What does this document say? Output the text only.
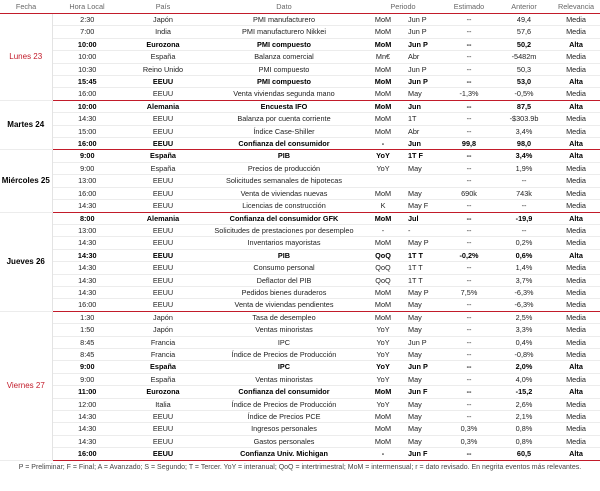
Fecha	Hora Local	País	Dato	Periodo		Estimado	Anterior	Relevancia
Lunes 23	2:30	Japón	PMI manufacturero	MoM	Jun P	--	49,4	Media
	7:00	India	PMI manufacturero Nikkei	MoM	Jun P	--	57,6	Media
	10:00	Eurozona	PMI compuesto	MoM	Jun P	--	50,2	Alta
	10:00	España	Balanza comercial	Mn€	Abr	--	-5482m	Media
	10:30	Reino Unido	PMI compuesto	MoM	Jun P	--	50,3	Media
	15:45	EEUU	PMI compuesto	MoM	Jun P	--	53,0	Alta
	16:00	EEUU	Venta viviendas segunda mano	MoM	May	-1,3%	-0,5%	Media
Martes 24	10:00	Alemania	Encuesta IFO	MoM	Jun	--	87,5	Alta
	14:30	EEUU	Balanza por cuenta corriente	MoM	1T	--	-$303.9b	Media
	15:00	EEUU	Índice Case-Shiller	MoM	Abr	--	3,4%	Media
	16:00	EEUU	Confianza del consumidor	-	Jun	99,8	98,0	Alta
Miércoles 25	9:00	España	PIB	YoY	1T F	--	3,4%	Alta
	9:00	España	Precios de producción	YoY	May	--	1,9%	Media
	13:00	EEUU	Solicitudes semanales de hipotecas			--	--	Media
	16:00	EEUU	Venta de viviendas nuevas	MoM	May	690k	743k	Media
	14:30	EEUU	Licencias de construcción	K	May F	--	--	Media
Jueves 26	8:00	Alemania	Confianza del consumidor GFK	MoM	Jul	--	-19,9	Alta
	13:00	EEUU	Solicitudes de prestaciones por desempleo	-	-	--	--	Media
	14:30	EEUU	Inventarios mayoristas	MoM	May P	--	0,2%	Media
	14:30	EEUU	PIB	QoQ	1T T	-0,2%	0,6%	Alta
	14:30	EEUU	Consumo personal	QoQ	1T T	--	1,4%	Media
	14:30	EEUU	Deflactor del PIB	QoQ	1T T	--	3,7%	Media
	14:30	EEUU	Pedidos bienes duraderos	MoM	May P	7,5%	-6,3%	Media
	16:00	EEUU	Venta de viviendas pendientes	MoM	May	--	-6,3%	Media
Viernes 27	1:30	Japón	Tasa de desempleo	MoM	May	--	2,5%	Media
	1:50	Japón	Ventas minoristas	YoY	May	--	3,3%	Media
	8:45	Francia	IPC	YoY	Jun P	--	0,4%	Media
	8:45	Francia	Índice de Precios de Producción	YoY	May	--	-0,8%	Media
	9:00	España	IPC	YoY	Jun P	--	2,0%	Alta
	9:00	España	Ventas minoristas	YoY	May	--	4,0%	Media
	11:00	Eurozona	Confianza del consumidor	MoM	Jun F	--	-15,2	Alta
	12:00	Italia	Índice de Precios de Producción	YoY	May	--	2,6%	Media
	14:30	EEUU	Índice de Precios PCE	MoM	May	--	2,1%	Media
	14:30	EEUU	Ingresos personales	MoM	May	0,3%	0,8%	Media
	14:30	EEUU	Gastos personales	MoM	May	0,3%	0,8%	Media
	16:00	EEUU	Confianza Univ. Michigan	-	Jun F	--	60,5	Alta
P = Preliminar; F = Final; A = Avanzado; S = Segundo; T = Tercer. YoY = interanual; QoQ = intertrimestral; MoM = intermensual; r = dato revisado. En negrita eventos más relevantes.
